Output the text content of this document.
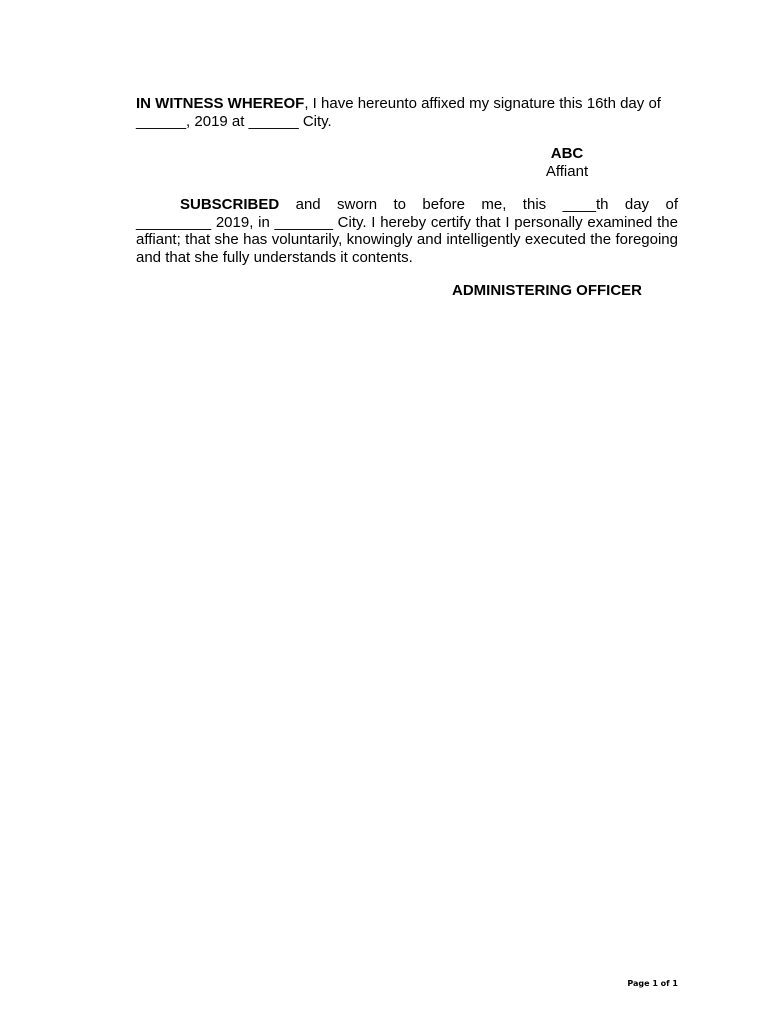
IN WITNESS WHEREOF, I have hereunto affixed my signature this 16th day of ______, 2019 at ______ City.
ABC
Affiant
SUBSCRIBED and sworn to before me, this ____th day of
_________ 2019, in _______ City. I hereby certify that I personally examined the affiant; that she has voluntarily, knowingly and intelligently executed the foregoing and that she fully understands it contents.
ADMINISTERING OFFICER
Page 1 of 1
